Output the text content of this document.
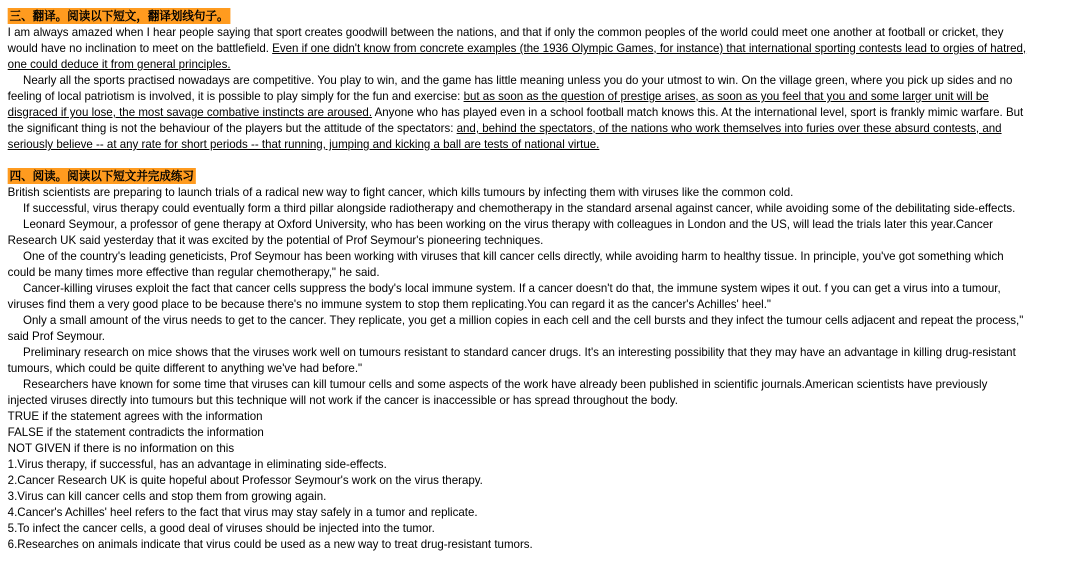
三、翻译。阅读以下短文，翻译划线句子。

I am always amazed when I hear people saying that sport creates goodwill between the nations, and that if only the common peoples of the world could meet one another at football or cricket, they would have no inclination to meet on the battlefield. Even if one didn't know from concrete examples (the 1936 Olympic Games, for instance) that international sporting contests lead to orgies of hatred, one could deduce it from general principles.

Nearly all the sports practised nowadays are competitive. You play to win, and the game has little meaning unless you do your utmost to win. On the village green, where you pick up sides and no feeling of local patriotism is involved, it is possible to play simply for the fun and exercise: but as soon as the question of prestige arises, as soon as you feel that you and some larger unit will be disgraced if you lose, the most savage combative instincts are aroused. Anyone who has played even in a school football match knows this. At the international level, sport is frankly mimic warfare. But the significant thing is not the behaviour of the players but the attitude of the spectators: and, behind the spectators, of the nations who work themselves into furies over these absurd contests, and seriously believe -- at any rate for short periods -- that running, jumping and kicking a ball are tests of national virtue.

四、阅读。阅读以下短文并完成练习

British scientists are preparing to launch trials of a radical new way to fight cancer, which kills tumours by infecting them with viruses like the common cold.

If successful, virus therapy could eventually form a third pillar alongside radiotherapy and chemotherapy in the standard arsenal against cancer, while avoiding some of the debilitating side-effects.

Leonard Seymour, a professor of gene therapy at Oxford University, who has been working on the virus therapy with colleagues in London and the US, will lead the trials later this year.Cancer Research UK said yesterday that it was excited by the potential of Prof Seymour's pioneering techniques.

One of the country's leading geneticists, Prof Seymour has been working with viruses that kill cancer cells directly, while avoiding harm to healthy tissue. In principle, you've got something which could be many times more effective than regular chemotherapy," he said.

Cancer-killing viruses exploit the fact that cancer cells suppress the body's local immune system. If a cancer doesn't do that, the immune system wipes it out. f you can get a virus into a tumour, viruses find them a very good place to be because there's no immune system to stop them replicating.You can regard it as the cancer's Achilles' heel."

Only a small amount of the virus needs to get to the cancer. They replicate, you get a million copies in each cell and the cell bursts and they infect the tumour cells adjacent and repeat the process," said Prof Seymour.

Preliminary research on mice shows that the viruses work well on tumours resistant to standard cancer drugs. It's an interesting possibility that they may have an advantage in killing drug-resistant tumours, which could be quite different to anything we've had before."

Researchers have known for some time that viruses can kill tumour cells and some aspects of the work have already been published in scientific journals.American scientists have previously injected viruses directly into tumours but this technique will not work if the cancer is inaccessible or has spread throughout the body.

TRUE if the statement agrees with the information
FALSE if the statement contradicts the information
NOT GIVEN if there is no information on this
1.Virus therapy, if successful, has an advantage in eliminating side-effects.
2.Cancer Research UK is quite hopeful about Professor Seymour's work on the virus therapy.
3.Virus can kill cancer cells and stop them from growing again.
4.Cancer's Achilles' heel refers to the fact that virus may stay safely in a tumor and replicate.
5.To infect the cancer cells, a good deal of viruses should be injected into the tumor.
6.Researches on animals indicate that virus could be used as a new way to treat drug-resistant tumors.
